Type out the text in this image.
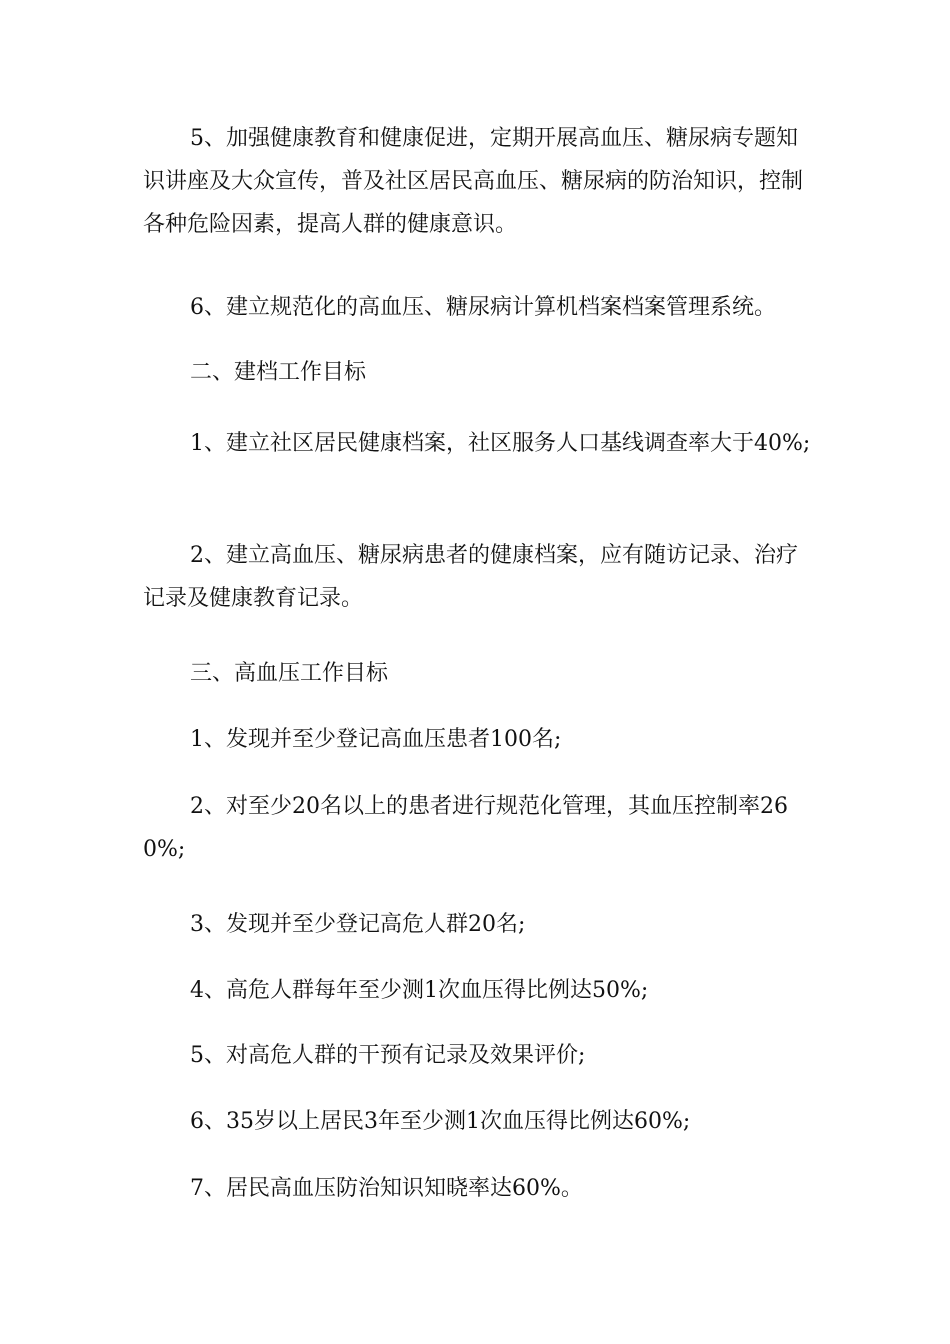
5、加强健康教育和健康促进，定期开展高血压、糖尿病专题知识讲座及大众宣传，普及社区居民高血压、糖尿病的防治知识，控制各种危险因素，提高人群的健康意识。

6、建立规范化的高血压、糖尿病计算机档案档案管理系统。

二、建档工作目标

1、建立社区居民健康档案，社区服务人口基线调查率大于40%;

2、建立高血压、糖尿病患者的健康档案，应有随访记录、治疗记录及健康教育记录。

三、高血压工作目标

1、发现并至少登记高血压患者100名;

2、对至少20名以上的患者进行规范化管理，其血压控制率260%;

3、发现并至少登记高危人群20名;

4、高危人群每年至少测1次血压得比例达50%;

5、对高危人群的干预有记录及效果评价;

6、35岁以上居民3年至少测1次血压得比例达60%;

7、居民高血压防治知识知晓率达60%。
